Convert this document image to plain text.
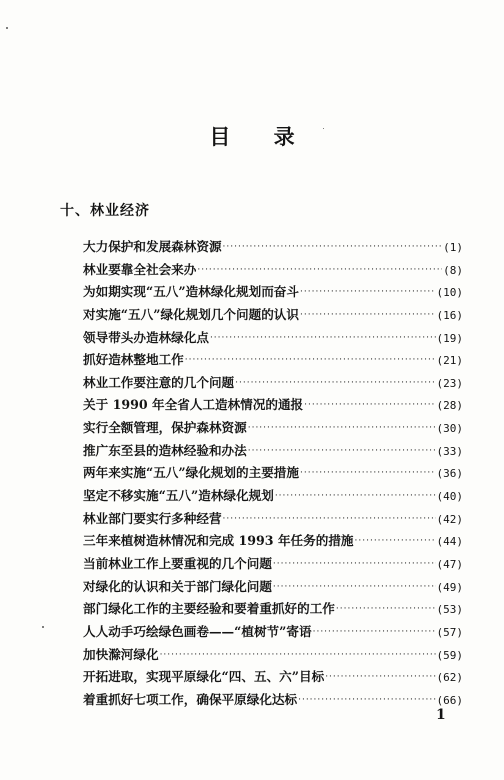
目 录
十、林业经济
大力保护和发展森林资源 ·····	(1)
林业要靠全社会来办 ·····	(8)
为如期实现“五八”造林绿化规划而奋斗 ·····	(10)
对实施“五八”绿化规划几个问题的认识 ·····	(16)
领导带头办造林绿化点 ·····	(19)
抓好造林整地工作 ·····	(21)
林业工作要注意的几个问题 ·····	(23)
关于 1990 年全省人工造林情况的通报 ·····	(28)
实行全额管理，保护森林资源 ·····	(30)
推广东至县的造林经验和办法 ·····	(33)
两年来实施“五八”绿化规划的主要措施 ·····	(36)
坚定不移实施“五八”造林绿化规划 ·····	(40)
林业部门要实行多种经营 ·····	(42)
三年来植树造林情况和完成 1993 年任务的措施 ·····	(44)
当前林业工作上要重视的几个问题 ·····	(47)
对绿化的认识和关于部门绿化问题 ·····	(49)
部门绿化工作的主要经验和要着重抓好的工作 ·····	(53)
人人动手巧绘绿色画卷——“植树节”寄语 ·····	(57)
加快滁河绿化 ·····	(59)
开拓进取，实现平原绿化“四、五、六”目标 ·····	(62)
着重抓好七项工作，确保平原绿化达标 ·····	(66)
1
